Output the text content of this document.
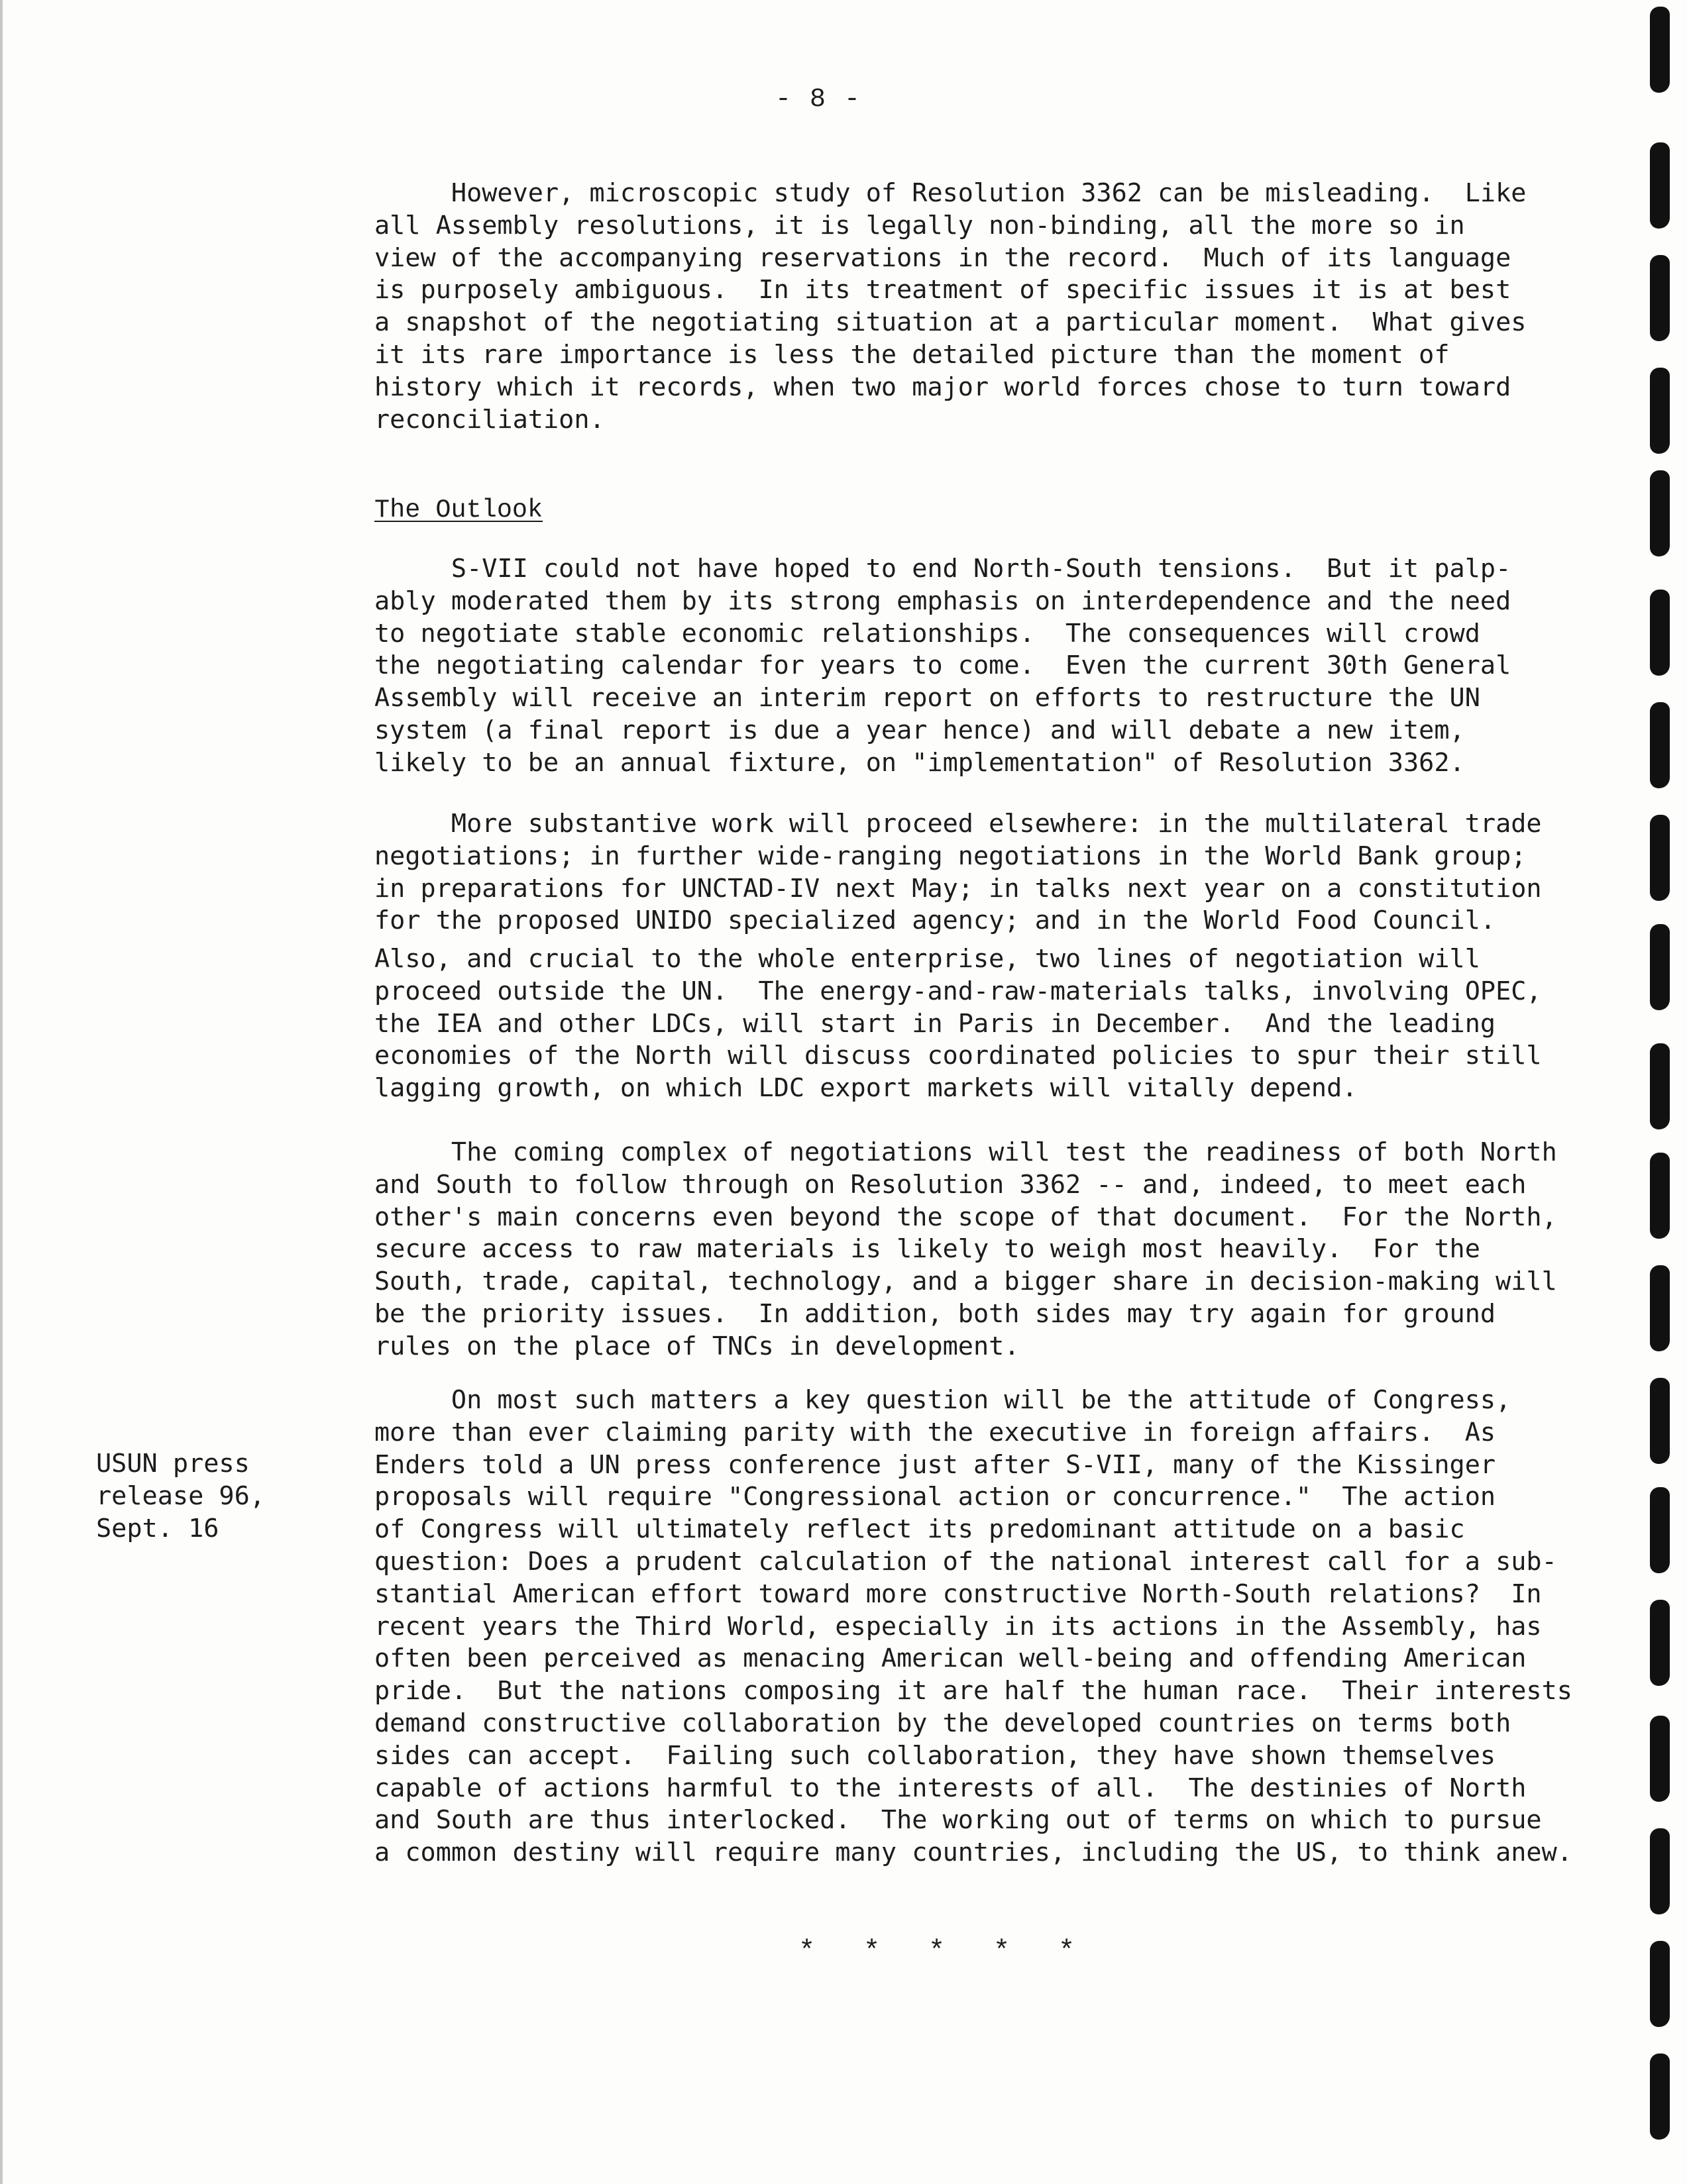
- 8 -
However, microscopic study of Resolution 3362 can be misleading.  Like
all Assembly resolutions, it is legally non-binding, all the more so in
view of the accompanying reservations in the record.  Much of its language
is purposely ambiguous.  In its treatment of specific issues it is at best
a snapshot of the negotiating situation at a particular moment.  What gives
it its rare importance is less the detailed picture than the moment of
history which it records, when two major world forces chose to turn toward
reconciliation.
The Outlook
S-VII could not have hoped to end North-South tensions.  But it palp-
ably moderated them by its strong emphasis on interdependence and the need
to negotiate stable economic relationships.  The consequences will crowd
the negotiating calendar for years to come.  Even the current 30th General
Assembly will receive an interim report on efforts to restructure the UN
system (a final report is due a year hence) and will debate a new item,
likely to be an annual fixture, on "implementation" of Resolution 3362.
More substantive work will proceed elsewhere: in the multilateral trade
negotiations; in further wide-ranging negotiations in the World Bank group;
in preparations for UNCTAD-IV next May; in talks next year on a constitution
for the proposed UNIDO specialized agency; and in the World Food Council.
Also, and crucial to the whole enterprise, two lines of negotiation will
proceed outside the UN.  The energy-and-raw-materials talks, involving OPEC,
the IEA and other LDCs, will start in Paris in December.  And the leading
economies of the North will discuss coordinated policies to spur their still
lagging growth, on which LDC export markets will vitally depend.
The coming complex of negotiations will test the readiness of both North
and South to follow through on Resolution 3362 -- and, indeed, to meet each
other's main concerns even beyond the scope of that document.  For the North,
secure access to raw materials is likely to weigh most heavily.  For the
South, trade, capital, technology, and a bigger share in decision-making will
be the priority issues.  In addition, both sides may try again for ground
rules on the place of TNCs in development.
USUN press
release 96,
Sept. 16
On most such matters a key question will be the attitude of Congress,
more than ever claiming parity with the executive in foreign affairs.  As
Enders told a UN press conference just after S-VII, many of the Kissinger
proposals will require "Congressional action or concurrence."  The action
of Congress will ultimately reflect its predominant attitude on a basic
question: Does a prudent calculation of the national interest call for a sub-
stantial American effort toward more constructive North-South relations?  In
recent years the Third World, especially in its actions in the Assembly, has
often been perceived as menacing American well-being and offending American
pride.  But the nations composing it are half the human race.  Their interests
demand constructive collaboration by the developed countries on terms both
sides can accept.  Failing such collaboration, they have shown themselves
capable of actions harmful to the interests of all.  The destinies of North
and South are thus interlocked.  The working out of terms on which to pursue
a common destiny will require many countries, including the US, to think anew.
* * * * *
